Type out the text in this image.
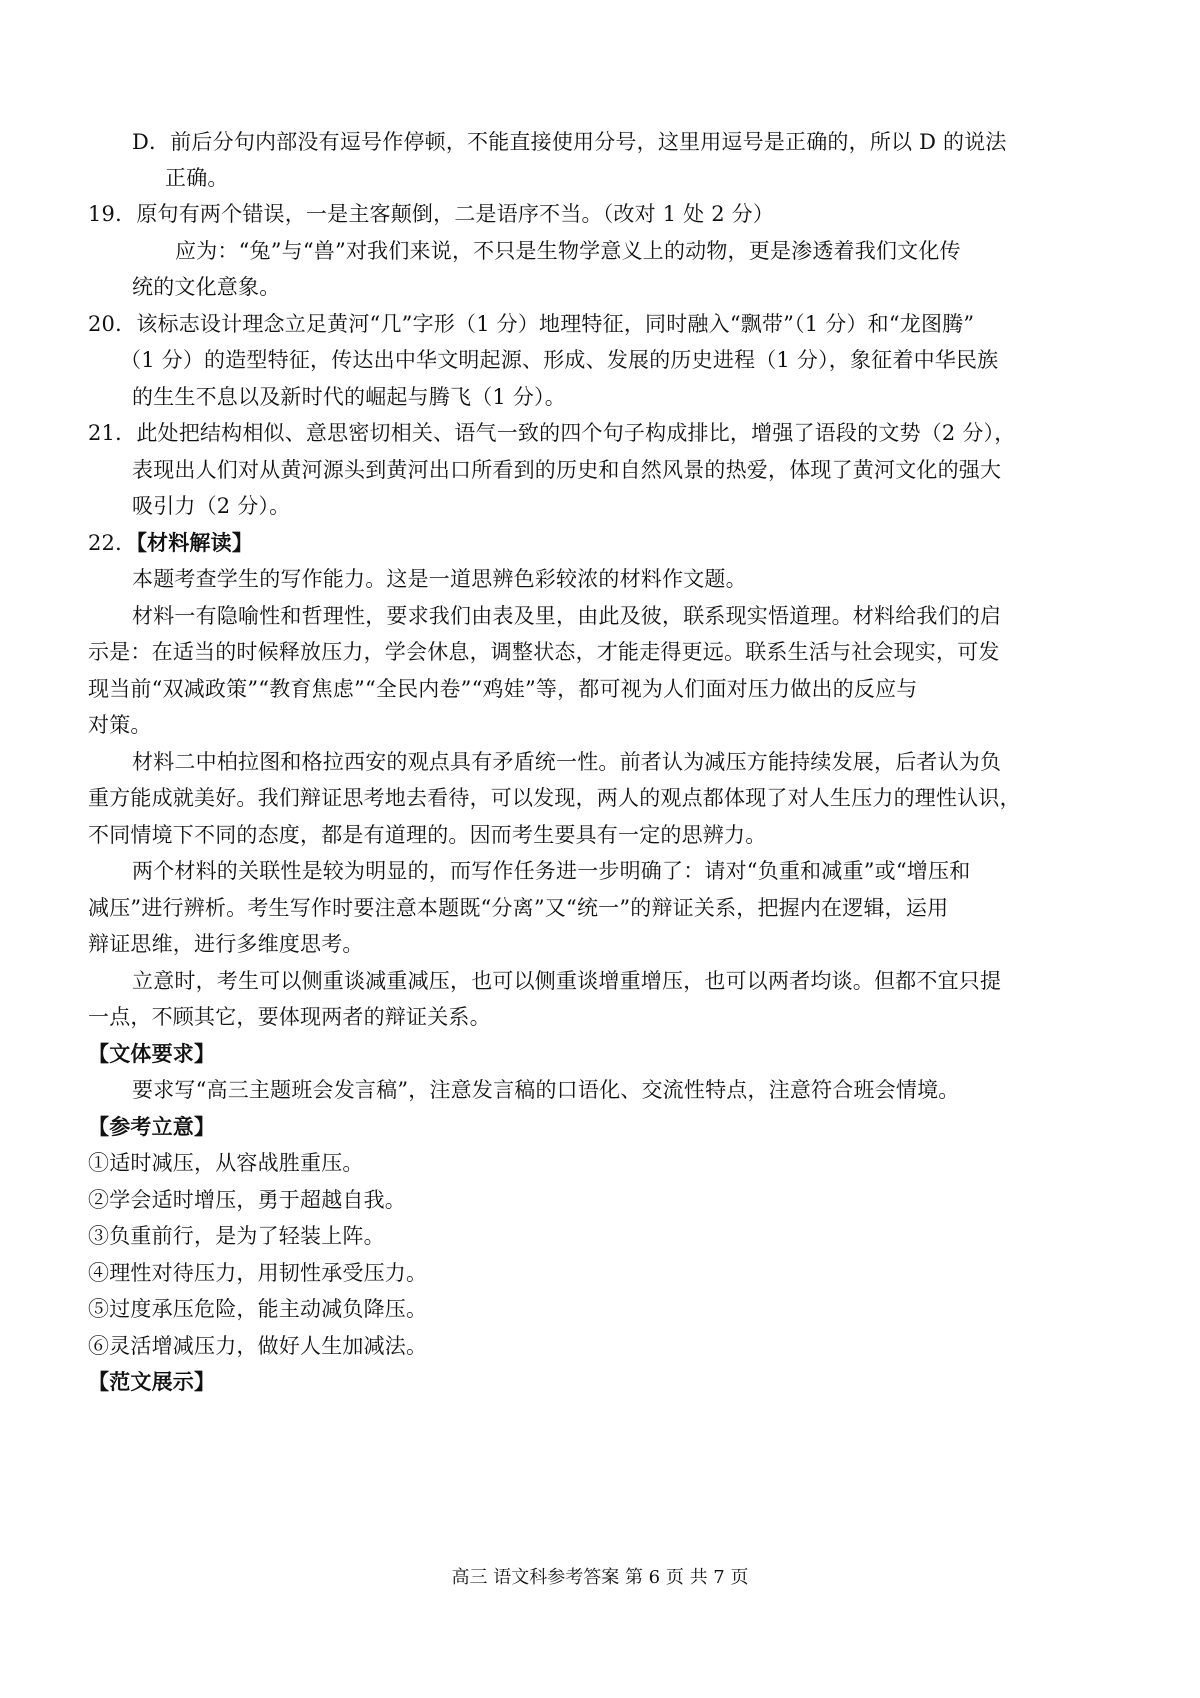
D．前后分句内部没有逗号作停顿，不能直接使用分号，这里用逗号是正确的，所以 D 的说法
正确。
19．原句有两个错误，一是主客颠倒，二是语序不当。（改对 1 处 2 分）
应为：“兔”与“兽”对我们来说，不只是生物学意义上的动物，更是渗透着我们文化传
统的文化意象。
20．该标志设计理念立足黄河“几”字形（1 分）地理特征，同时融入“飘带”（1 分）和“龙图腾”
（1 分）的造型特征，传达出中华文明起源、形成、发展的历史进程（1 分），象征着中华民族
的生生不息以及新时代的崛起与腾飞（1 分）。
21．此处把结构相似、意思密切相关、语气一致的四个句子构成排比，增强了语段的文势（2 分），
表现出人们对从黄河源头到黄河出口所看到的历史和自然风景的热爱，体现了黄河文化的强大
吸引力（2 分）。
22．【材料解读】
本题考查学生的写作能力。这是一道思辨色彩较浓的材料作文题。
材料一有隐喻性和哲理性，要求我们由表及里，由此及彼，联系现实悟道理。材料给我们的启
示是：在适当的时候释放压力，学会休息，调整状态，才能走得更远。联系生活与社会现实，可发
现当前“双减政策”“教育焦虑”“全民内卷”“鸡娃”等，都可视为人们面对压力做出的反应与
对策。
材料二中柏拉图和格拉西安的观点具有矛盾统一性。前者认为减压方能持续发展，后者认为负
重方能成就美好。我们辩证思考地去看待，可以发现，两人的观点都体现了对人生压力的理性认识，
不同情境下不同的态度，都是有道理的。因而考生要具有一定的思辨力。
两个材料的关联性是较为明显的，而写作任务进一步明确了：请对“负重和减重”或“增压和
减压”进行辨析。考生写作时要注意本题既“分离”又“统一”的辩证关系，把握内在逻辑，运用
辩证思维，进行多维度思考。
立意时，考生可以侧重谈减重减压，也可以侧重谈增重增压，也可以两者均谈。但都不宜只提
一点，不顾其它，要体现两者的辩证关系。
【文体要求】
要求写“高三主题班会发言稿”，注意发言稿的口语化、交流性特点，注意符合班会情境。
【参考立意】
①适时减压，从容战胜重压。
②学会适时增压，勇于超越自我。
③负重前行，是为了轻装上阵。
④理性对待压力，用韧性承受压力。
⑤过度承压危险，能主动减负降压。
⑥灵活增减压力，做好人生加减法。
【范文展示】
高三 语文科参考答案 第 6 页 共 7 页
